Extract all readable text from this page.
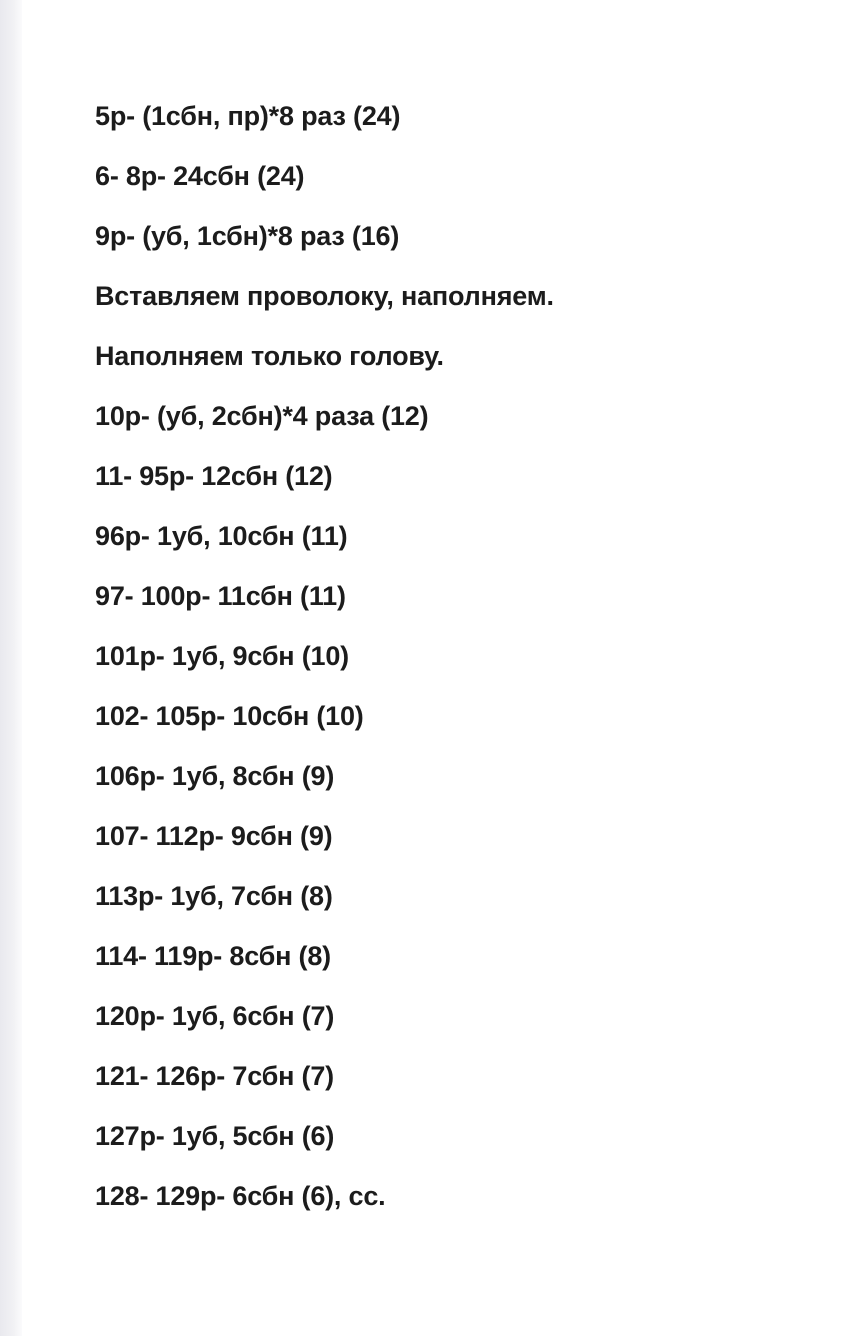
5р- (1сбн, пр)*8 раз (24)
6- 8р- 24сбн (24)
9р- (уб, 1сбн)*8 раз (16)
Вставляем проволоку, наполняем.
Наполняем только голову.
10р- (уб, 2сбн)*4 раза (12)
11- 95р- 12сбн (12)
96р- 1уб, 10сбн (11)
97- 100р- 11сбн (11)
101р- 1уб, 9сбн (10)
102- 105р- 10сбн (10)
106р- 1уб, 8сбн (9)
107- 112р- 9сбн (9)
113р- 1уб, 7сбн (8)
114- 119р- 8сбн (8)
120р- 1уб, 6сбн (7)
121- 126р- 7сбн (7)
127р- 1уб, 5сбн (6)
128- 129р- 6сбн (6), сс.
